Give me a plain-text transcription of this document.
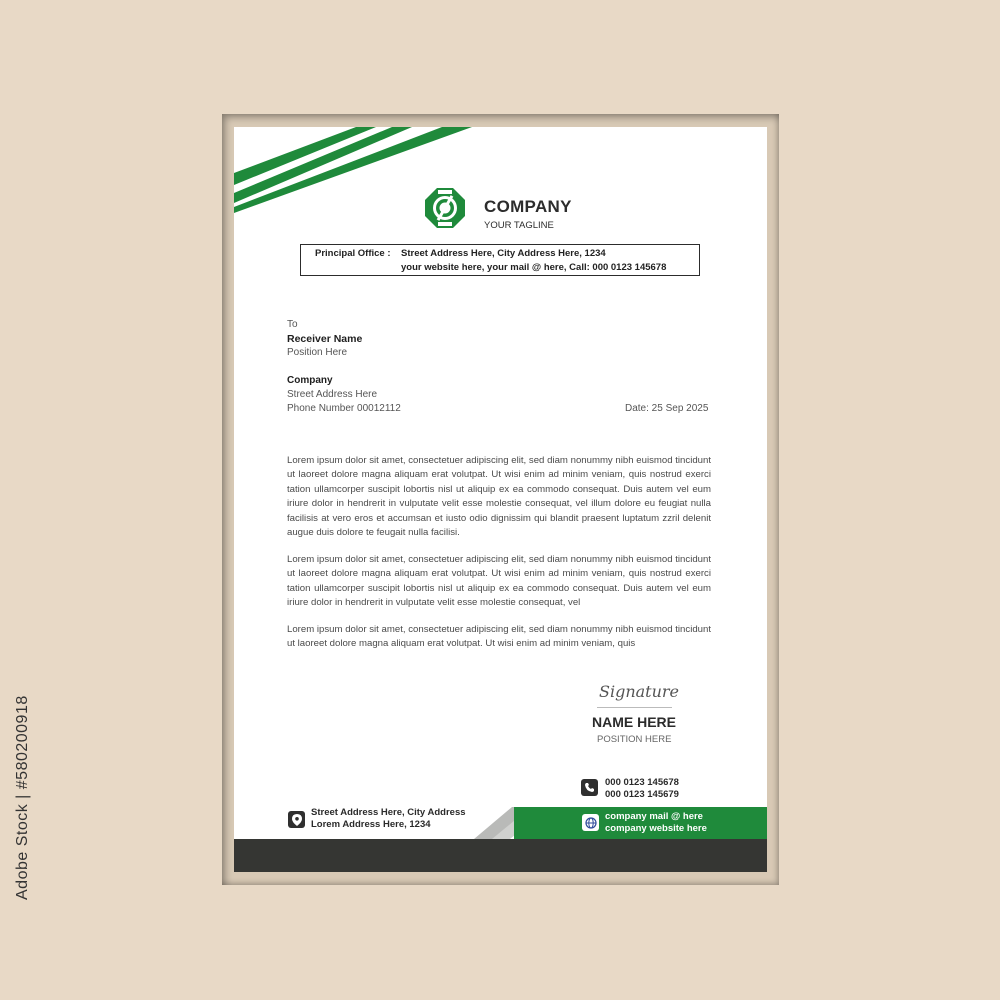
COMPANY
YOUR TAGLINE
Principal Office : Street Address Here, City Address Here, 1234
your website here, your mail @ here, Call: 000 0123 145678
To
Receiver Name
Position Here
Company
Street Address Here
Phone Number 00012112	Date: 25 Sep 2025
Lorem ipsum dolor sit amet, consectetuer adipiscing elit, sed diam nonummy nibh euismod tincidunt ut laoreet dolore magna aliquam erat volutpat. Ut wisi enim ad minim veniam, quis nostrud exerci tation ullamcorper suscipit lobortis nisl ut aliquip ex ea commodo consequat. Duis autem vel eum iriure dolor in hendrerit in vulputate velit esse molestie consequat, vel illum dolore eu feugiat nulla facilisis at vero eros et accumsan et iusto odio dignissim qui blandit praesent luptatum zzril delenit augue duis dolore te feugait nulla facilisi.
Lorem ipsum dolor sit amet, consectetuer adipiscing elit, sed diam nonummy nibh euismod tincidunt ut laoreet dolore magna aliquam erat volutpat. Ut wisi enim ad minim veniam, quis nostrud exerci tation ullamcorper suscipit lobortis nisl ut aliquip ex ea commodo consequat. Duis autem vel eum iriure dolor in hendrerit in vulputate velit esse molestie consequat, vel
Lorem ipsum dolor sit amet, consectetuer adipiscing elit, sed diam nonummy nibh euismod tincidunt ut laoreet dolore magna aliquam erat volutpat. Ut wisi enim ad minim veniam, quis
Signature
NAME HERE
POSITION HERE
000 0123 145678
000 0123 145679
Street Address Here, City Address
Lorem Address Here, 1234
company mail @ here
company website here
Adobe Stock | #580200918
